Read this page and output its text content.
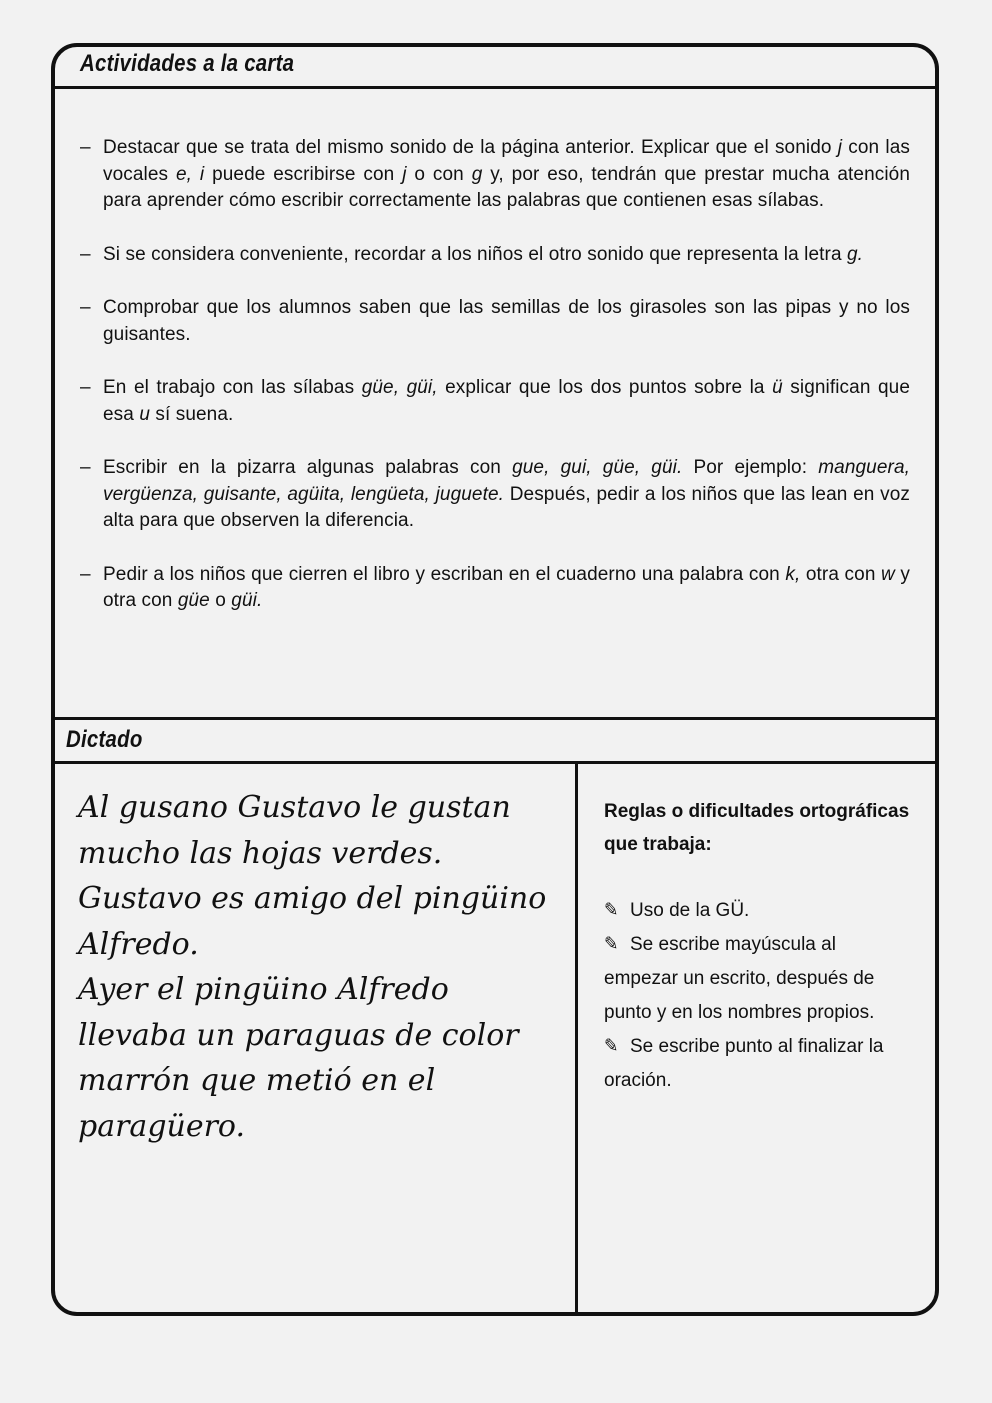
Actividades a la carta
– Destacar que se trata del mismo sonido de la página anterior. Explicar que el sonido j con las vocales e, i puede escribirse con j o con g y, por eso, tendrán que prestar mucha atención para aprender cómo escribir correctamente las palabras que contienen esas sílabas.
– Si se considera conveniente, recordar a los niños el otro sonido que representa la letra g.
– Comprobar que los alumnos saben que las semillas de los girasoles son las pipas y no los guisantes.
– En el trabajo con las sílabas güe, güi, explicar que los dos puntos sobre la ü significan que esa u sí suena.
– Escribir en la pizarra algunas palabras con gue, gui, güe, güi. Por ejemplo: manguera, vergüenza, guisante, agüita, lengüeta, juguete. Después, pedir a los niños que las lean en voz alta para que observen la diferencia.
– Pedir a los niños que cierren el libro y escriban en el cuaderno una palabra con k, otra con w y otra con güe o güi.
Dictado

Al gusano Gustavo le gustan

mucho las hojas verdes.

Gustavo es amigo del pingüino

Alfredo.

Ayer el pingüino Alfredo

llevaba un paraguas de color

marrón que metió en el

paragüero.

Reglas o dificultades ortográficas que trabaja:
✎ Uso de la GÜ.
✎ Se escribe mayúscula al empezar un escrito, después de punto y en los nombres propios.
✎ Se escribe punto al finalizar la oración.
